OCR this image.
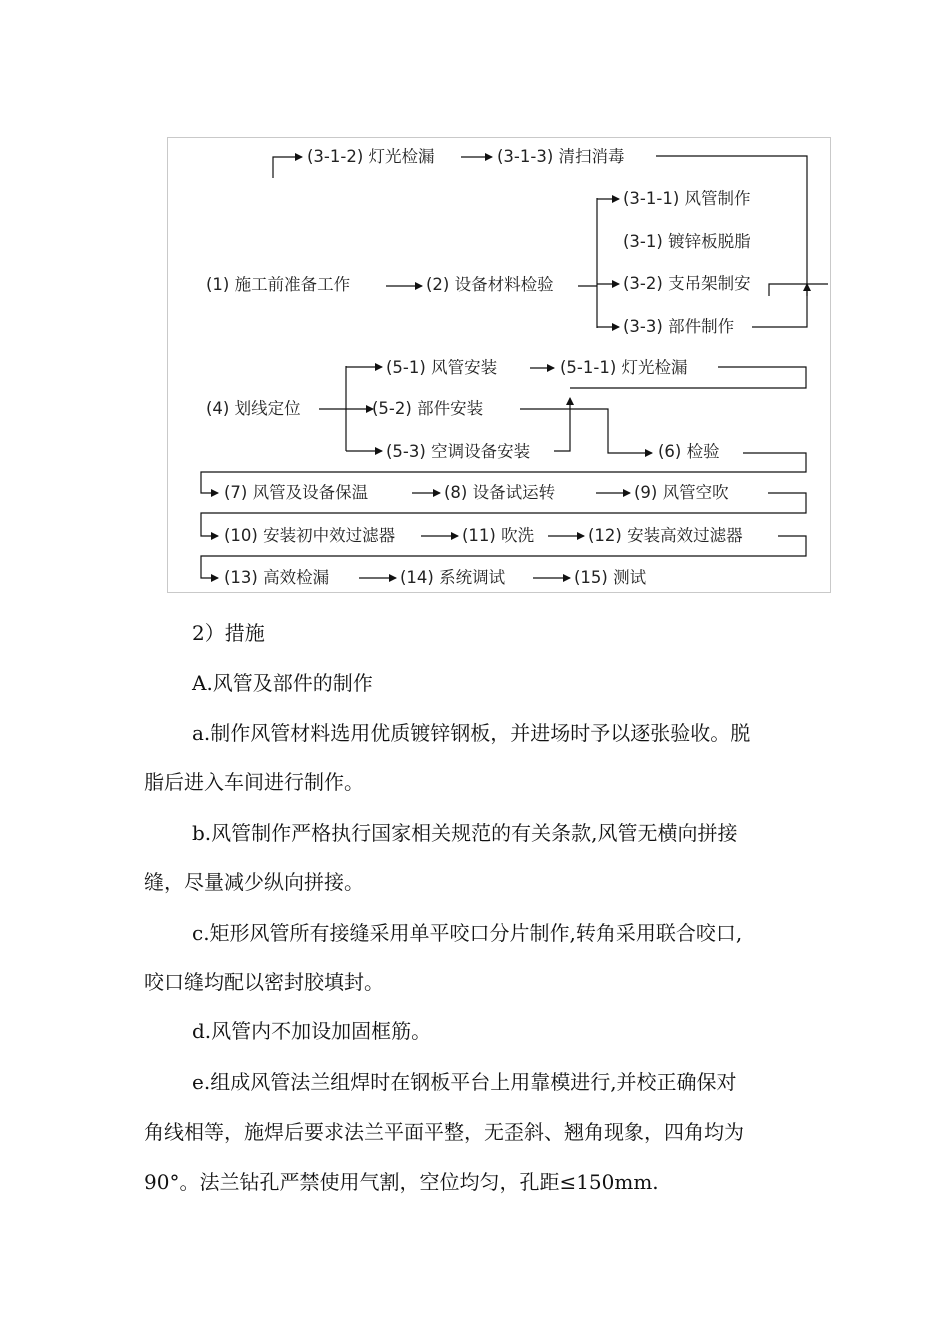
(3-1-2) 灯光检漏	(3-1-3) 清扫消毒
(3-1-1) 风管制作
(3-1) 镀锌板脱脂
(1) 施工前准备工作	(2) 设备材料检验	(3-2) 支吊架制安
(3-3) 部件制作
(5-1) 风管安装	(5-1-1) 灯光检漏
(4) 划线定位	(5-2) 部件安装
(5-3) 空调设备安装	(6) 检验
(7) 风管及设备保温	(8) 设备试运转	(9) 风管空吹
(10) 安装初中效过滤器	(11) 吹洗	(12) 安装高效过滤器
(13) 高效检漏	(14) 系统调试	(15) 测试
2）措施
A.风管及部件的制作
a.制作风管材料选用优质镀锌钢板，并进场时予以逐张验收。脱
脂后进入车间进行制作。
b.风管制作严格执行国家相关规范的有关条款,风管无横向拼接
缝，尽量减少纵向拼接。
c.矩形风管所有接缝采用单平咬口分片制作,转角采用联合咬口,
咬口缝均配以密封胶填封。
d.风管内不加设加固框筋。
e.组成风管法兰组焊时在钢板平台上用靠模进行,并校正确保对
角线相等，施焊后要求法兰平面平整，无歪斜、翘角现象，四角均为
90°。法兰钻孔严禁使用气割，空位均匀，孔距≤150mm.
